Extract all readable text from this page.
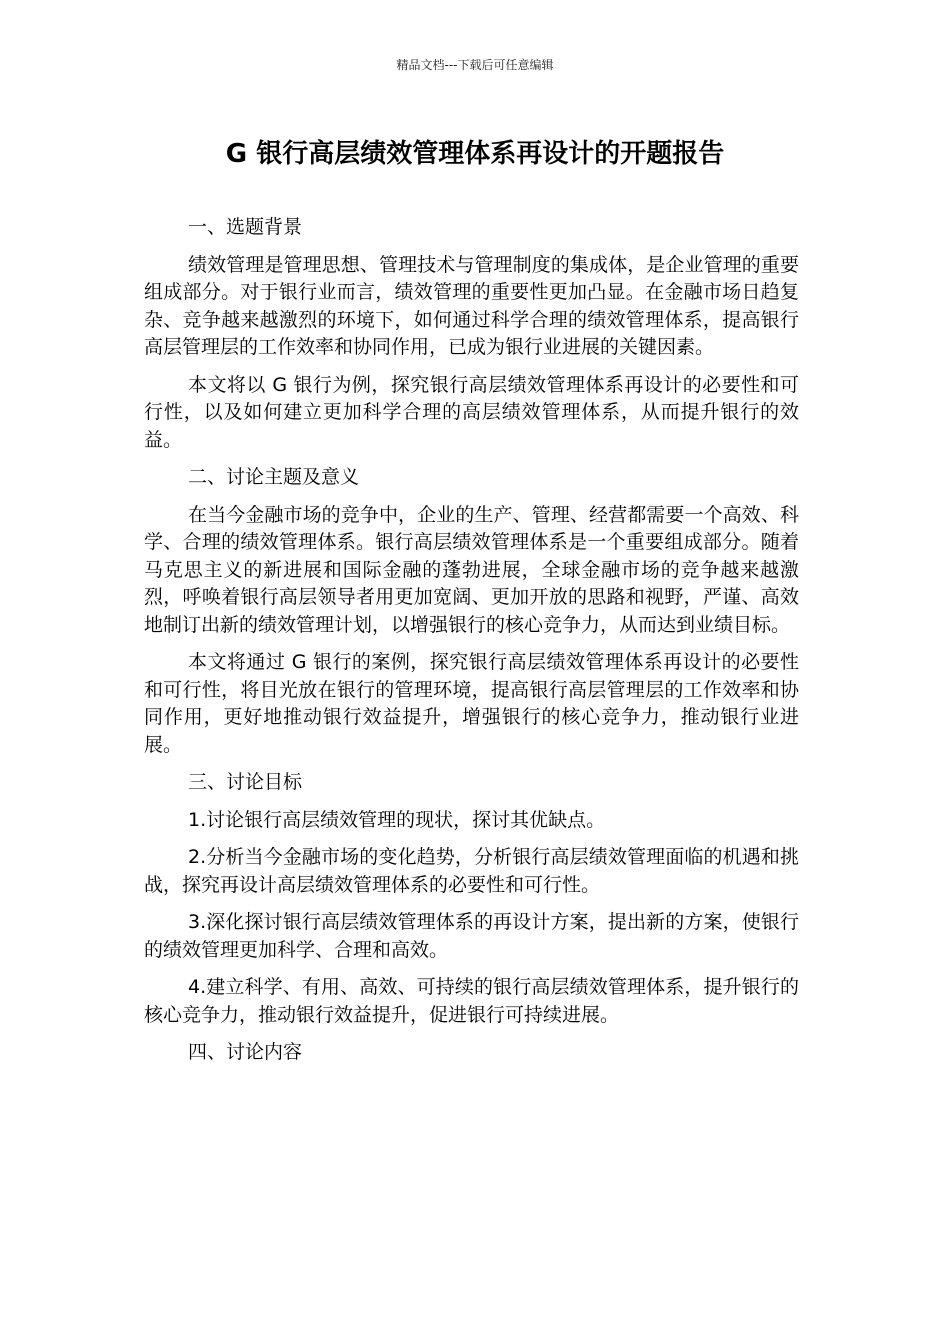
精品文档---下载后可任意编辑
G 银行高层绩效管理体系再设计的开题报告

一、选题背景

绩效管理是管理思想、管理技术与管理制度的集成体，是企业管理的重要组成部分。对于银行业而言，绩效管理的重要性更加凸显。在金融市场日趋复杂、竞争越来越激烈的环境下，如何通过科学合理的绩效管理体系，提高银行高层管理层的工作效率和协同作用，已成为银行业进展的关键因素。

本文将以 G 银行为例，探究银行高层绩效管理体系再设计的必要性和可行性，以及如何建立更加科学合理的高层绩效管理体系，从而提升银行的效益。

二、讨论主题及意义

在当今金融市场的竞争中，企业的生产、管理、经营都需要一个高效、科学、合理的绩效管理体系。银行高层绩效管理体系是一个重要组成部分。随着马克思主义的新进展和国际金融的蓬勃进展，全球金融市场的竞争越来越激烈，呼唤着银行高层领导者用更加宽阔、更加开放的思路和视野，严谨、高效地制订出新的绩效管理计划，以增强银行的核心竞争力，从而达到业绩目标。

本文将通过 G 银行的案例，探究银行高层绩效管理体系再设计的必要性和可行性，将目光放在银行的管理环境，提高银行高层管理层的工作效率和协同作用，更好地推动银行效益提升，增强银行的核心竞争力，推动银行业进展。

三、讨论目标

1.讨论银行高层绩效管理的现状，探讨其优缺点。

2.分析当今金融市场的变化趋势，分析银行高层绩效管理面临的机遇和挑战，探究再设计高层绩效管理体系的必要性和可行性。

3.深化探讨银行高层绩效管理体系的再设计方案，提出新的方案，使银行的绩效管理更加科学、合理和高效。

4.建立科学、有用、高效、可持续的银行高层绩效管理体系，提升银行的核心竞争力，推动银行效益提升，促进银行可持续进展。

四、讨论内容
